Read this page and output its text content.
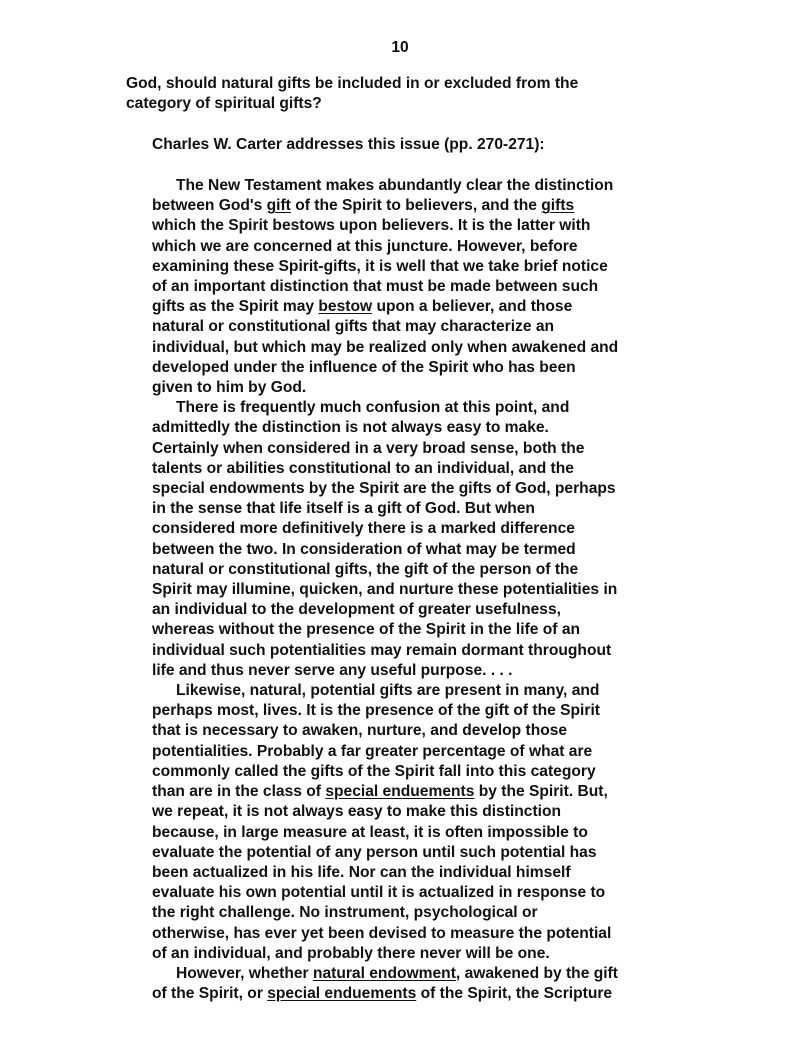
10
God, should natural gifts be included in or excluded from the
category of spiritual gifts?
Charles W. Carter addresses this issue (pp. 270-271):
The New Testament makes abundantly clear the distinction
between God's gift of the Spirit to believers, and the gifts
which the Spirit bestows upon believers. It is the latter with
which we are concerned at this juncture. However, before
examining these Spirit-gifts, it is well that we take brief notice
of an important distinction that must be made between such
gifts as the Spirit may bestow upon a believer, and those
natural or constitutional gifts that may characterize an
individual, but which may be realized only when awakened and
developed under the influence of the Spirit who has been
given to him by God.
There is frequently much confusion at this point, and
admittedly the distinction is not always easy to make.
Certainly when considered in a very broad sense, both the
talents or abilities constitutional to an individual, and the
special endowments by the Spirit are the gifts of God, perhaps
in the sense that life itself is a gift of God. But when
considered more definitively there is a marked difference
between the two. In consideration of what may be termed
natural or constitutional gifts, the gift of the person of the
Spirit may illumine, quicken, and nurture these potentialities in
an individual to the development of greater usefulness,
whereas without the presence of the Spirit in the life of an
individual such potentialities may remain dormant throughout
life and thus never serve any useful purpose. . . .
Likewise, natural, potential gifts are present in many, and
perhaps most, lives. It is the presence of the gift of the Spirit
that is necessary to awaken, nurture, and develop those
potentialities. Probably a far greater percentage of what are
commonly called the gifts of the Spirit fall into this category
than are in the class of special enduements by the Spirit. But,
we repeat, it is not always easy to make this distinction
because, in large measure at least, it is often impossible to
evaluate the potential of any person until such potential has
been actualized in his life. Nor can the individual himself
evaluate his own potential until it is actualized in response to
the right challenge. No instrument, psychological or
otherwise, has ever yet been devised to measure the potential
of an individual, and probably there never will be one.
However, whether natural endowment, awakened by the gift
of the Spirit, or special enduements of the Spirit, the Scripture
